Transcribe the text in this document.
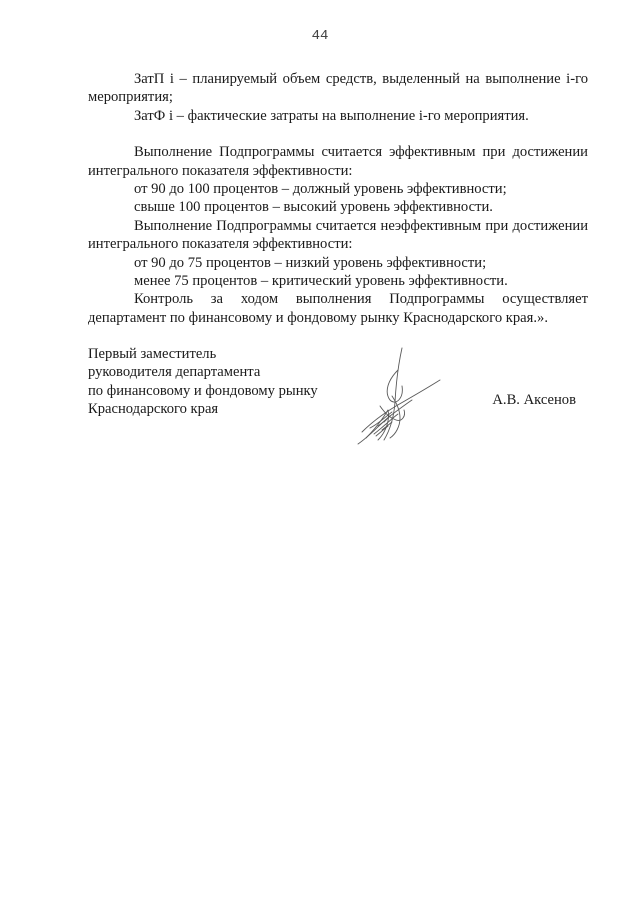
44

ЗатП i – планируемый объем средств, выделенный на выполнение i-го мероприятия;

ЗатФ i – фактические затраты на выполнение i-го мероприятия.

Выполнение Подпрограммы считается эффективным при достижении интегрального показателя эффективности:

от 90 до 100 процентов – должный уровень эффективности;

свыше 100 процентов – высокий уровень эффективности.

Выполнение Подпрограммы считается неэффективным при достижении интегрального показателя эффективности:

от 90 до 75 процентов – низкий уровень эффективности;

менее 75 процентов – критический уровень эффективности.

Контроль за ходом выполнения Подпрограммы осуществляет департамент по финансовому и фондовому рынку Краснодарского края.».

Первый заместитель
руководителя департамента
по финансовому и фондовому рынку
Краснодарского края
А.В. Аксенов
